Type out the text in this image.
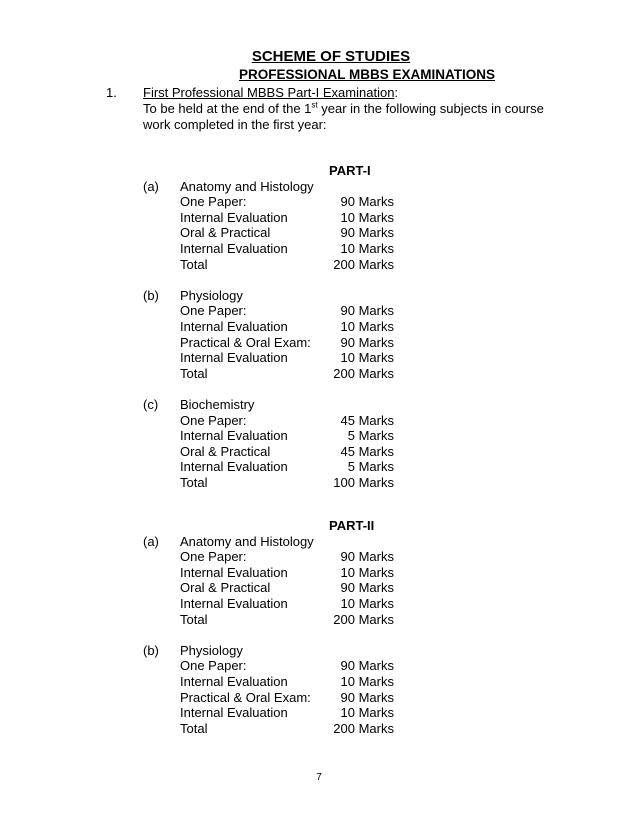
SCHEME OF STUDIES
PROFESSIONAL MBBS EXAMINATIONS
1. First Professional MBBS Part-I Examination:
To be held at the end of the 1st year in the following subjects in course
work completed in the first year:
PART-I
(a) Anatomy and Histology
One Paper:	90 Marks
Internal Evaluation	10 Marks
Oral & Practical	90 Marks
Internal Evaluation	10 Marks
Total	200 Marks
(b) Physiology
One Paper:	90 Marks
Internal Evaluation	10 Marks
Practical & Oral Exam:	90 Marks
Internal Evaluation	10 Marks
Total	200 Marks
(c) Biochemistry
One Paper:	45 Marks
Internal Evaluation	5 Marks
Oral & Practical	45 Marks
Internal Evaluation	5 Marks
Total	100 Marks
PART-II
(a) Anatomy and Histology
One Paper:	90 Marks
Internal Evaluation	10 Marks
Oral & Practical	90 Marks
Internal Evaluation	10 Marks
Total	200 Marks
(b) Physiology
One Paper:	90 Marks
Internal Evaluation	10 Marks
Practical & Oral Exam:	90 Marks
Internal Evaluation	10 Marks
Total	200 Marks
7
